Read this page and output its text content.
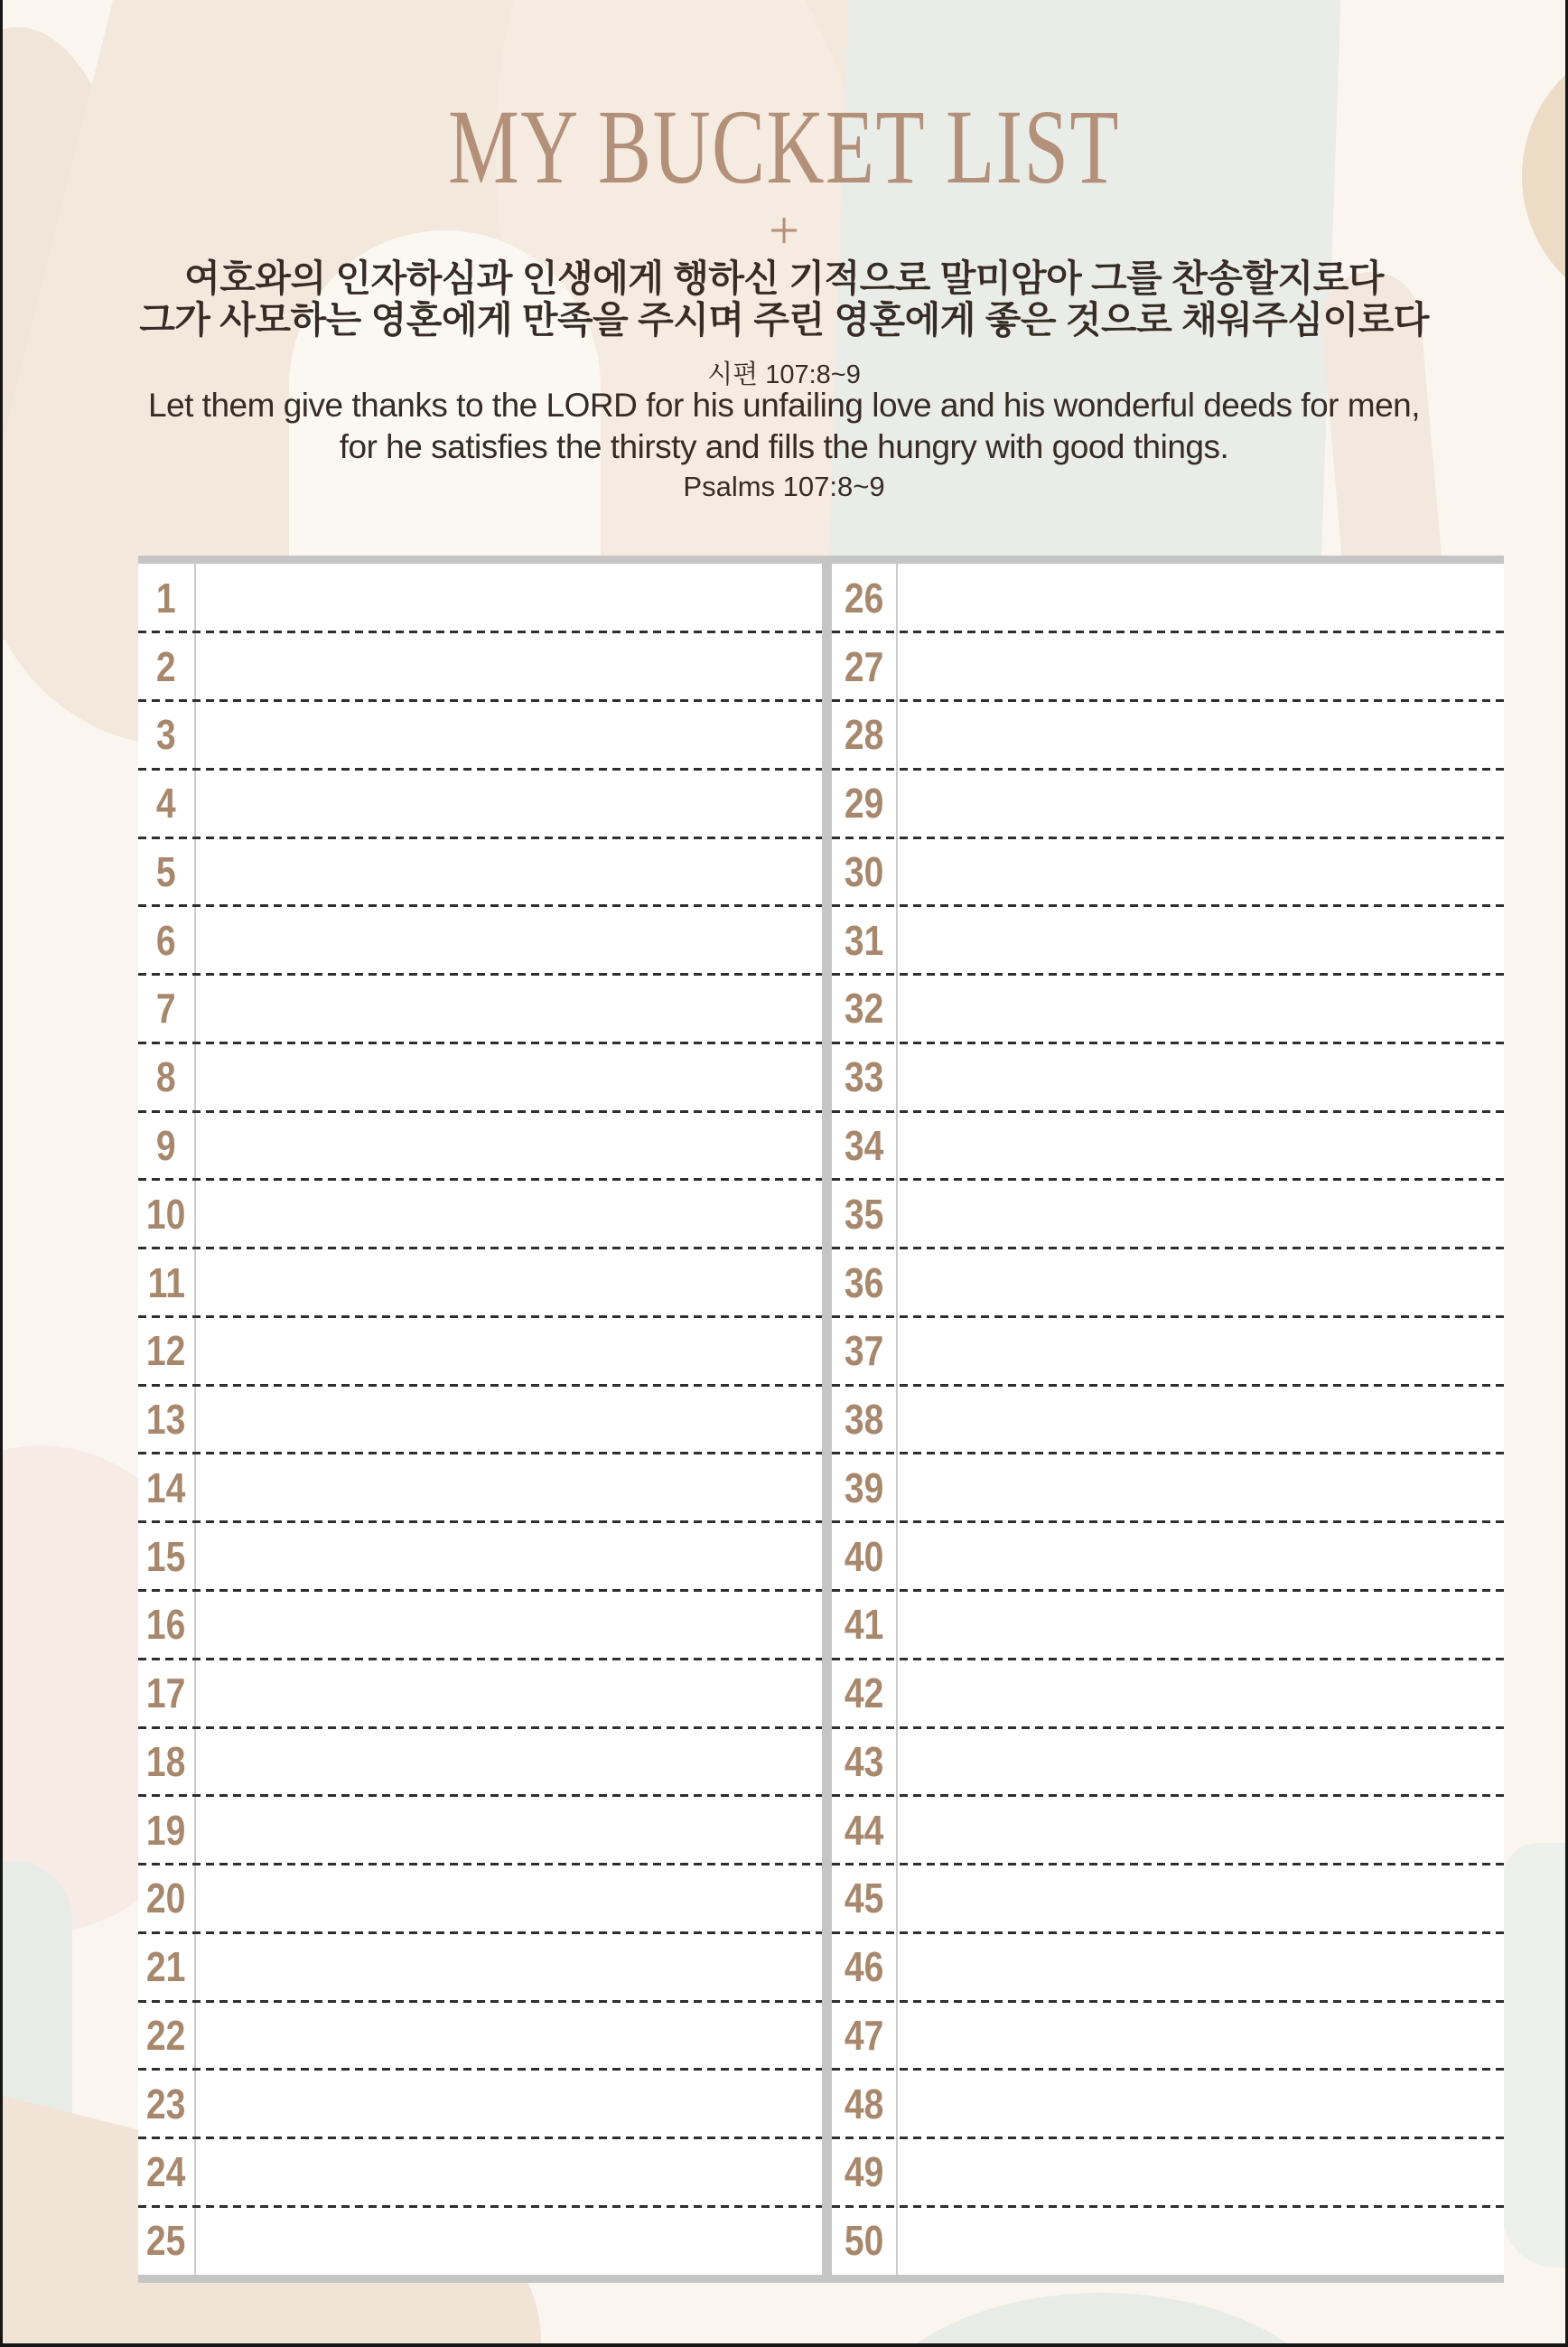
MY BUCKET LIST
+
여호와의 인자하심과 인생에게 행하신 기적으로 말미암아 그를 찬송할지로다
그가 사모하는 영혼에게 만족을 주시며 주린 영혼에게 좋은 것으로 채워주심이로다
시편 107:8~9
Let them give thanks to the LORD for his unfailing love and his wonderful deeds for men,
for he satisfies the thirsty and fills the hungry with good things.
Psalms 107:8~9
1
2
3
4
5
6
7
8
9
10
11
12
13
14
15
16
17
18
19
20
21
22
23
24
25
26
27
28
29
30
31
32
33
34
35
36
37
38
39
40
41
42
43
44
45
46
47
48
49
50
